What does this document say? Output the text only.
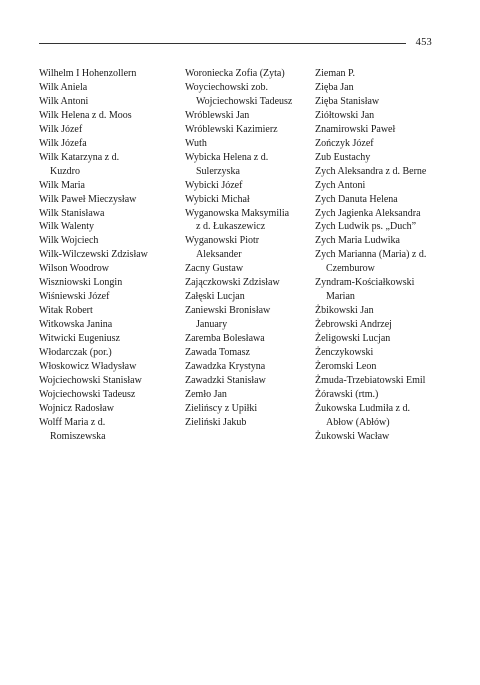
453
Wilhelm I Hohenzollern
Wilk Aniela
Wilk Antoni
Wilk Helena z d. Moos
Wilk Józef
Wilk Józefa
Wilk Katarzyna z d.
Kuzdro
Wilk Maria
Wilk Paweł Mieczysław
Wilk Stanisława
Wilk Walenty
Wilk Wojciech
Wilk-Wilczewski Zdzisław
Wilson Woodrow
Wiszniowski Longin
Wiśniewski Józef
Witak Robert
Witkowska Janina
Witwicki Eugeniusz
Włodarczak (por.)
Włoskowicz Władysław
Wojciechowski Stanisław
Wojciechowski Tadeusz
Wojnicz Radosław
Wolff Maria z d.
Romiszewska
Woroniecka Zofia (Zyta)
Woyciechowski zob.
Wojciechowski Tadeusz
Wróblewski Jan
Wróblewski Kazimierz
Wuth
Wybicka Helena z d.
Sulerzyska
Wybicki Józef
Wybicki Michał
Wyganowska Maksymilia
z d. Łukaszewicz
Wyganowski Piotr
Aleksander
Zacny Gustaw
Zajączkowski Zdzisław
Załęski Lucjan
Zaniewski Bronisław
January
Zaremba Bolesława
Zawada Tomasz
Zawadzka Krystyna
Zawadzki Stanisław
Zemło Jan
Zielińscy z Upiłki
Zieliński Jakub
Zieman P.
Zięba Jan
Zięba Stanisław
Ziółtowski Jan
Znamirowski Paweł
Zończyk Józef
Zub Eustachy
Zych Aleksandra z d. Berne
Zych Antoni
Zych Danuta Helena
Zych Jagienka Aleksandra
Zych Ludwik ps. „Duch”
Zych Maria Ludwika
Zych Marianna (Maria) z d.
Czemburow
Zyndram-Kościałkowski
Marian
Żbikowski Jan
Żebrowski Andrzej
Żeligowski Lucjan
Żenczykowski
Żeromski Leon
Żmuda-Trzebiatowski Emil
Żórawski (rtm.)
Żukowska Ludmiła z d.
Abłow (Abłów)
Żukowski Wacław
